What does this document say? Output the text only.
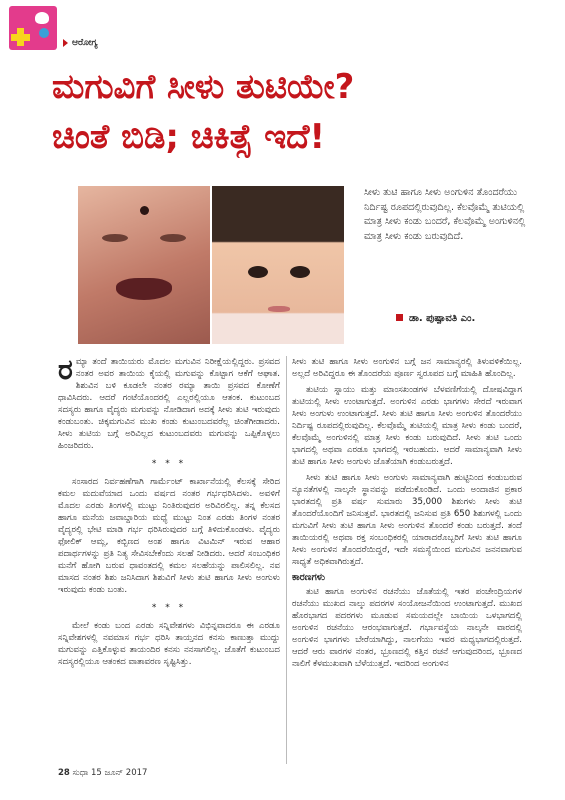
ಆರೋಗ್ಯ
ಮಗುವಿಗೆ ಸೀಳು ತುಟಿಯೇ?
ಚಿಂತೆ ಬಿಡಿ; ಚಿಕಿತ್ಸೆ ಇದೆ!
ಸೀಳು ತುಟಿ ಹಾಗೂ ಸೀಳು ಅಂಗುಳಿನ ತೊಂದರೆಯು ನಿರ್ದಿಷ್ಟ ರೂಪದಲ್ಲಿರುವುದಿಲ್ಲ. ಕೆಲವೊಮ್ಮೆ ತುಟಿಯಲ್ಲಿ ಮಾತ್ರ ಸೀಳು ಕಂಡು ಬಂದರೆ, ಕೆಲವೊಮ್ಮೆ ಅಂಗುಳಿನಲ್ಲಿ ಮಾತ್ರ ಸೀಳು ಕಂಡು ಬರುವುದಿದೆ.
ಡಾ. ಪುಷ್ಪಾವತಿ ಎಂ.

ರಮ್ಯಾ ತಂದೆ ತಾಯಿಯರು ಮೊದಲ ಮಗುವಿನ ನಿರೀಕ್ಷೆಯಲ್ಲಿದ್ದರು. ಪ್ರಸವದ ನಂತರ ಅವರ ತಾಯಿಯ ಕೈಯಲ್ಲಿ ಮಗುವನ್ನು ಕೊಟ್ಟಾಗ ಆಕೆಗೆ ಆಘಾತ. ಶಿಶುವಿನ ಬಳಿ ಕೂಡಲೇ ನಂತರ ರಮ್ಯಾ ತಾಯಿ ಪ್ರಸವದ ಕೋಣೆಗೆ ಧಾವಿಸಿದರು. ಆದರೆ ಗಂಟೆಯೊಂದರಲ್ಲಿ ಎಲ್ಲರಲ್ಲಿಯೂ ಆತಂಕ. ಕುಟುಂಬದ ಸದಸ್ಯರು ಹಾಗೂ ವೈದ್ಯರು ಮಗುವನ್ನು ನೋಡಿದಾಗ ಅದಕ್ಕೆ ಸೀಳು ತುಟಿ ಇರುವುದು ಕಂಡುಬಂತು. ಚಿಕ್ಕಮಗುವಿನ ಮುಖ ಕಂಡು ಕುಟುಂಬದವರೆಲ್ಲ ಚಿಂತೆಗೀಡಾದರು. ಸೀಳು ತುಟಿಯ ಬಗ್ಗೆ ಅರಿವಿಲ್ಲದ ಕುಟುಂಬದವರು ಮಗುವನ್ನು ಒಪ್ಪಿಕೊಳ್ಳಲು ಹಿಂಜರಿದರು.

* * *

ಸಂಸಾರದ ನಿರ್ವಹಣೆಗಾಗಿ ಗಾರ್ಮೆಂಟ್ ಕಾರ್ಖಾನೆಯಲ್ಲಿ ಕೆಲಸಕ್ಕೆ ಸೇರಿದ ಕಮಲ ಮದುವೆಯಾದ ಒಂದು ವರ್ಷದ ನಂತರ ಗರ್ಭಧರಿಸಿದಳು. ಅವಳಿಗೆ ಮೊದಲ ಎರಡು ತಿಂಗಳಲ್ಲಿ ಮುಟ್ಟು ನಿಂತಿರುವುದರ ಅರಿವಿರಲಿಲ್ಲ. ತನ್ನ ಕೆಲಸದ ಹಾಗೂ ಮನೆಯ ಜವಾಬ್ದಾರಿಯ ಮಧ್ಯೆ ಮುಟ್ಟು ನಿಂತ ಎರಡು ತಿಂಗಳ ನಂತರ ವೈದ್ಯರಲ್ಲಿ ಭೇಟಿ ಮಾಡಿ ಗರ್ಭ ಧರಿಸಿರುವುದರ ಬಗ್ಗೆ ತಿಳಿದುಕೊಂಡಳು. ವೈದ್ಯರು ಫೋಲಿಕ್ ಆಮ್ಲ, ಕಬ್ಬಿಣದ ಅಂಶ ಹಾಗೂ ವಿಟಮಿನ್ ಇರುವ ಆಹಾರ ಪದಾರ್ಥಗಳನ್ನು ಪ್ರತಿ ನಿತ್ಯ ಸೇವಿಸಬೇಕೆಂದು ಸಲಹೆ ನೀಡಿದರು. ಆದರೆ ಸಂಬಂಧಿಕರ ಮನೆಗೆ ಹೋಗಿ ಬರುವ ಧಾವಂತದಲ್ಲಿ ಕಮಲ ಸಲಹೆಯನ್ನು ಪಾಲಿಸಲಿಲ್ಲ. ನವ ಮಾಸದ ನಂತರ ಶಿಶು ಜನಿಸಿದಾಗ ಶಿಶುವಿಗೆ ಸೀಳು ತುಟಿ ಹಾಗೂ ಸೀಳು ಅಂಗುಳು ಇರುವುದು ಕಂಡು ಬಂತು.

* * *

ಮೇಲೆ ಕಂಡು ಬಂದ ಎರಡು ಸನ್ನಿವೇಶಗಳು ವಿಭಿನ್ನವಾದರೂ ಈ ಎರಡೂ ಸನ್ನಿವೇಶಗಳಲ್ಲಿ ನವಮಾಸ ಗರ್ಭ ಧರಿಸಿ ತಾಯ್ತನದ ಕನಸು ಕಾಣುತ್ತಾ ಮುದ್ದು ಮಗುವನ್ನು ಎತ್ತಿಕೊಳ್ಳುವ ತಾಯಂದಿರ ಕನಸು ನನಸಾಗಲಿಲ್ಲ. ಜೊತೆಗೆ ಕುಟುಂಬದ ಸದಸ್ಯರಲ್ಲಿಯೂ ಆತಂಕದ ವಾತಾವರಣ ಸೃಷ್ಟಿಸಿತ್ತು.

ಸೀಳು ತುಟಿ ಹಾಗೂ ಸೀಳು ಅಂಗುಳಿನ ಬಗ್ಗೆ ಜನ ಸಾಮಾನ್ಯರಲ್ಲಿ ತಿಳುವಳಿಕೆಯಿಲ್ಲ. ಅಲ್ಲದೆ ಅರಿವಿದ್ದರೂ ಈ ತೊಂದರೆಯ ಪೂರ್ಣ ಸ್ವರೂಪದ ಬಗ್ಗೆ ಮಾಹಿತಿ ಹೊಂದಿಲ್ಲ.

ತುಟಿಯ ಸ್ನಾಯು ಮತ್ತು ಮಾಂಸಖಂಡಗಳ ಬೆಳವಣಿಗೆಯಲ್ಲಿ ದೋಷವಿದ್ದಾಗ ತುಟಿಯಲ್ಲಿ ಸೀಳು ಉಂಟಾಗುತ್ತದೆ. ಅಂಗುಳಿನ ಎರಡು ಭಾಗಗಳು ಸೇರದೆ ಇರುವಾಗ ಸೀಳು ಅಂಗುಳು ಉಂಟಾಗುತ್ತದೆ. ಸೀಳು ತುಟಿ ಹಾಗೂ ಸೀಳು ಅಂಗುಳಿನ ತೊಂದರೆಯು ನಿರ್ದಿಷ್ಟ ರೂಪದಲ್ಲಿರುವುದಿಲ್ಲ. ಕೆಲವೊಮ್ಮೆ ತುಟಿಯಲ್ಲಿ ಮಾತ್ರ ಸೀಳು ಕಂಡು ಬಂದರೆ, ಕೆಲವೊಮ್ಮೆ ಅಂಗುಳಿನಲ್ಲಿ ಮಾತ್ರ ಸೀಳು ಕಂಡು ಬರುವುದಿದೆ. ಸೀಳು ತುಟಿ ಒಂದು ಭಾಗದಲ್ಲಿ ಅಥವಾ ಎರಡೂ ಭಾಗದಲ್ಲಿ ಇರಬಹುದು. ಆದರೆ ಸಾಮಾನ್ಯವಾಗಿ ಸೀಳು ತುಟಿ ಹಾಗೂ ಸೀಳು ಅಂಗುಳು ಜೊತೆಯಾಗಿ ಕಂಡುಬರುತ್ತದೆ.

ಸೀಳು ತುಟಿ ಹಾಗೂ ಸೀಳು ಅಂಗುಳು ಸಾಮಾನ್ಯವಾಗಿ ಹುಟ್ಟಿನಿಂದ ಕಂಡುಬರುವ ನ್ಯೂನತೆಗಳಲ್ಲಿ ನಾಲ್ಕನೇ ಸ್ಥಾನವನ್ನು ಪಡೆದುಕೊಂಡಿದೆ. ಒಂದು ಅಂದಾಜಿನ ಪ್ರಕಾರ ಭಾರತದಲ್ಲಿ ಪ್ರತಿ ವರ್ಷ ಸುಮಾರು 35,000 ಶಿಶುಗಳು ಸೀಳು ತುಟಿ ತೊಂದರೆಯೊಂದಿಗೆ ಜನಿಸುತ್ತವೆ. ಭಾರತದಲ್ಲಿ ಜನಿಸುವ ಪ್ರತಿ 650 ಶಿಶುಗಳಲ್ಲಿ ಒಂದು ಮಗುವಿಗೆ ಸೀಳು ತುಟಿ ಹಾಗೂ ಸೀಳು ಅಂಗುಳಿನ ತೊಂದರೆ ಕಂಡು ಬರುತ್ತದೆ. ತಂದೆ ತಾಯಿಯರಲ್ಲಿ ಅಥವಾ ರಕ್ತ ಸಂಬಂಧಿಕರಲ್ಲಿ ಯಾರಾದರೊಬ್ಬರಿಗೆ ಸೀಳು ತುಟಿ ಹಾಗೂ ಸೀಳು ಅಂಗುಳಿನ ತೊಂದರೆಯಿದ್ದರೆ, ಇದೇ ಸಮಸ್ಯೆಯಿಂದ ಮಗುವಿನ ಜನನವಾಗುವ ಸಾಧ್ಯತೆ ಅಧಿಕವಾಗಿರುತ್ತದೆ.

ಕಾರಣಗಳು

ತುಟಿ ಹಾಗೂ ಅಂಗುಳಿನ ರಚನೆಯು ಜೊತೆಯಲ್ಲಿ ಇತರ ಪಂಚೇಂದ್ರಿಯಗಳ ರಚನೆಯು ಮುಖದ ನಾಲ್ಕು ಪದರಗಳ ಸಂಯೋಜನೆಯಿಂದ ಉಂಟಾಗುತ್ತದೆ. ಮುಖದ ಹೊರಭಾಗದ ಪದರಗಳು ಮೂಡುವ ಸಮಯದಲ್ಲೇ ಬಾಯಿಯ ಒಳಭಾಗದಲ್ಲಿ ಅಂಗುಳಿನ ರಚನೆಯು ಆರಂಭವಾಗುತ್ತದೆ. ಗರ್ಭಾವಸ್ಥೆಯ ನಾಲ್ಕನೇ ವಾರದಲ್ಲಿ ಅಂಗುಳಿನ ಭಾಗಗಳು ಬೇರೆಯಾಗಿದ್ದು, ನಾಲಗೆಯು ಇವರ ಮಧ್ಯಭಾಗದಲ್ಲಿರುತ್ತದೆ. ಆದರೆ ಆರು ವಾರಗಳ ನಂತರ, ಭ್ರೂಣದಲ್ಲಿ ಕತ್ತಿನ ರಚನೆ ಆಗುವುದರಿಂದ, ಭ್ರೂಣದ ನಾಲಿಗೆ ಕೆಳಮುಖವಾಗಿ ಬೆಳೆಯುತ್ತದೆ. ಇದರಿಂದ ಅಂಗುಳಿನ

28 ಸುಧಾ 15 ಜೂನ್ 2017
